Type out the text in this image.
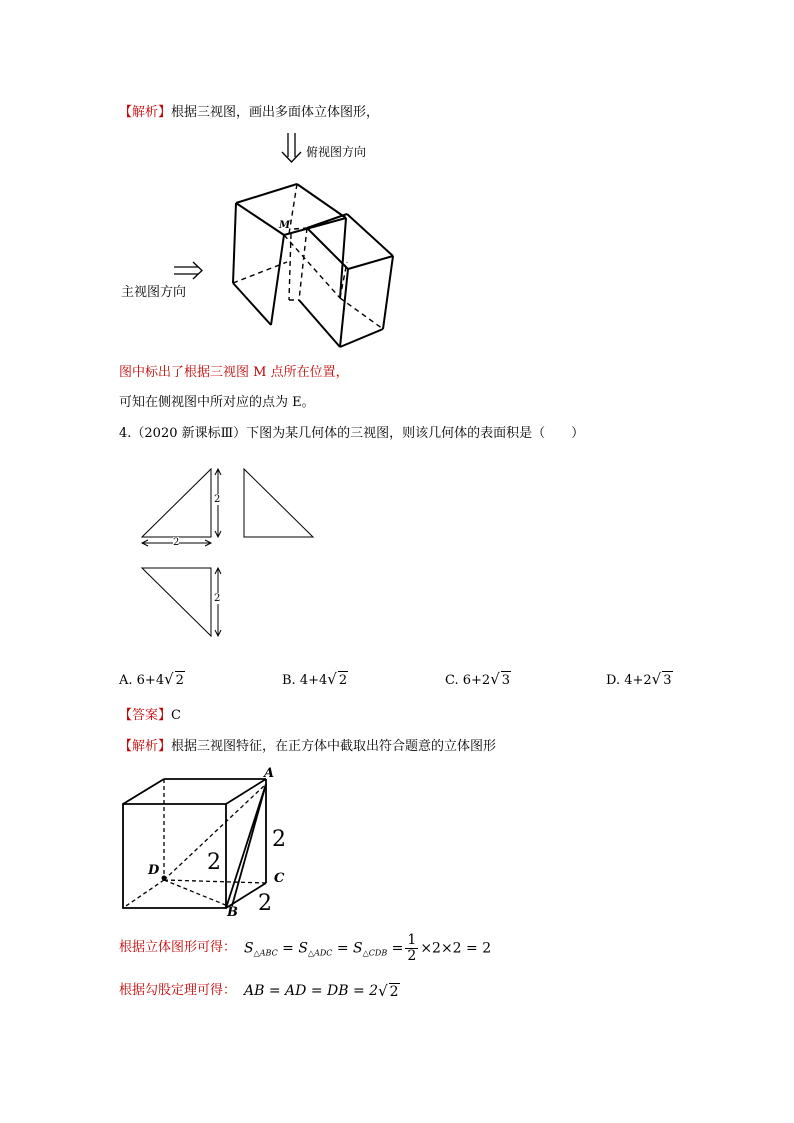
【解析】根据三视图，画出多面体立体图形，
M
俯视图方向
主视图方向
图中标出了根据三视图 M 点所在位置，
可知在侧视图中所对应的点为 E。
4.（2020 新课标Ⅲ）下图为某几何体的三视图，则该几何体的表面积是（　　）
2
2
2
A. 6+4√ 2	B. 4+4√ 2	C. 6+2√ 3	D. 4+2√ 3
【答案】C
【解析】根据三视图特征，在正方体中截取出符合题意的立体图形
A
D
C
B
2
2
2
根据立体图形可得： $S_{\triangle ABC} = S_{\triangle ADC} = S_{\triangle CDB} = \frac{1}{2} \times 2\times 2 = 2$
根据勾股定理可得： AB = AD = DB = 2 √ 2
